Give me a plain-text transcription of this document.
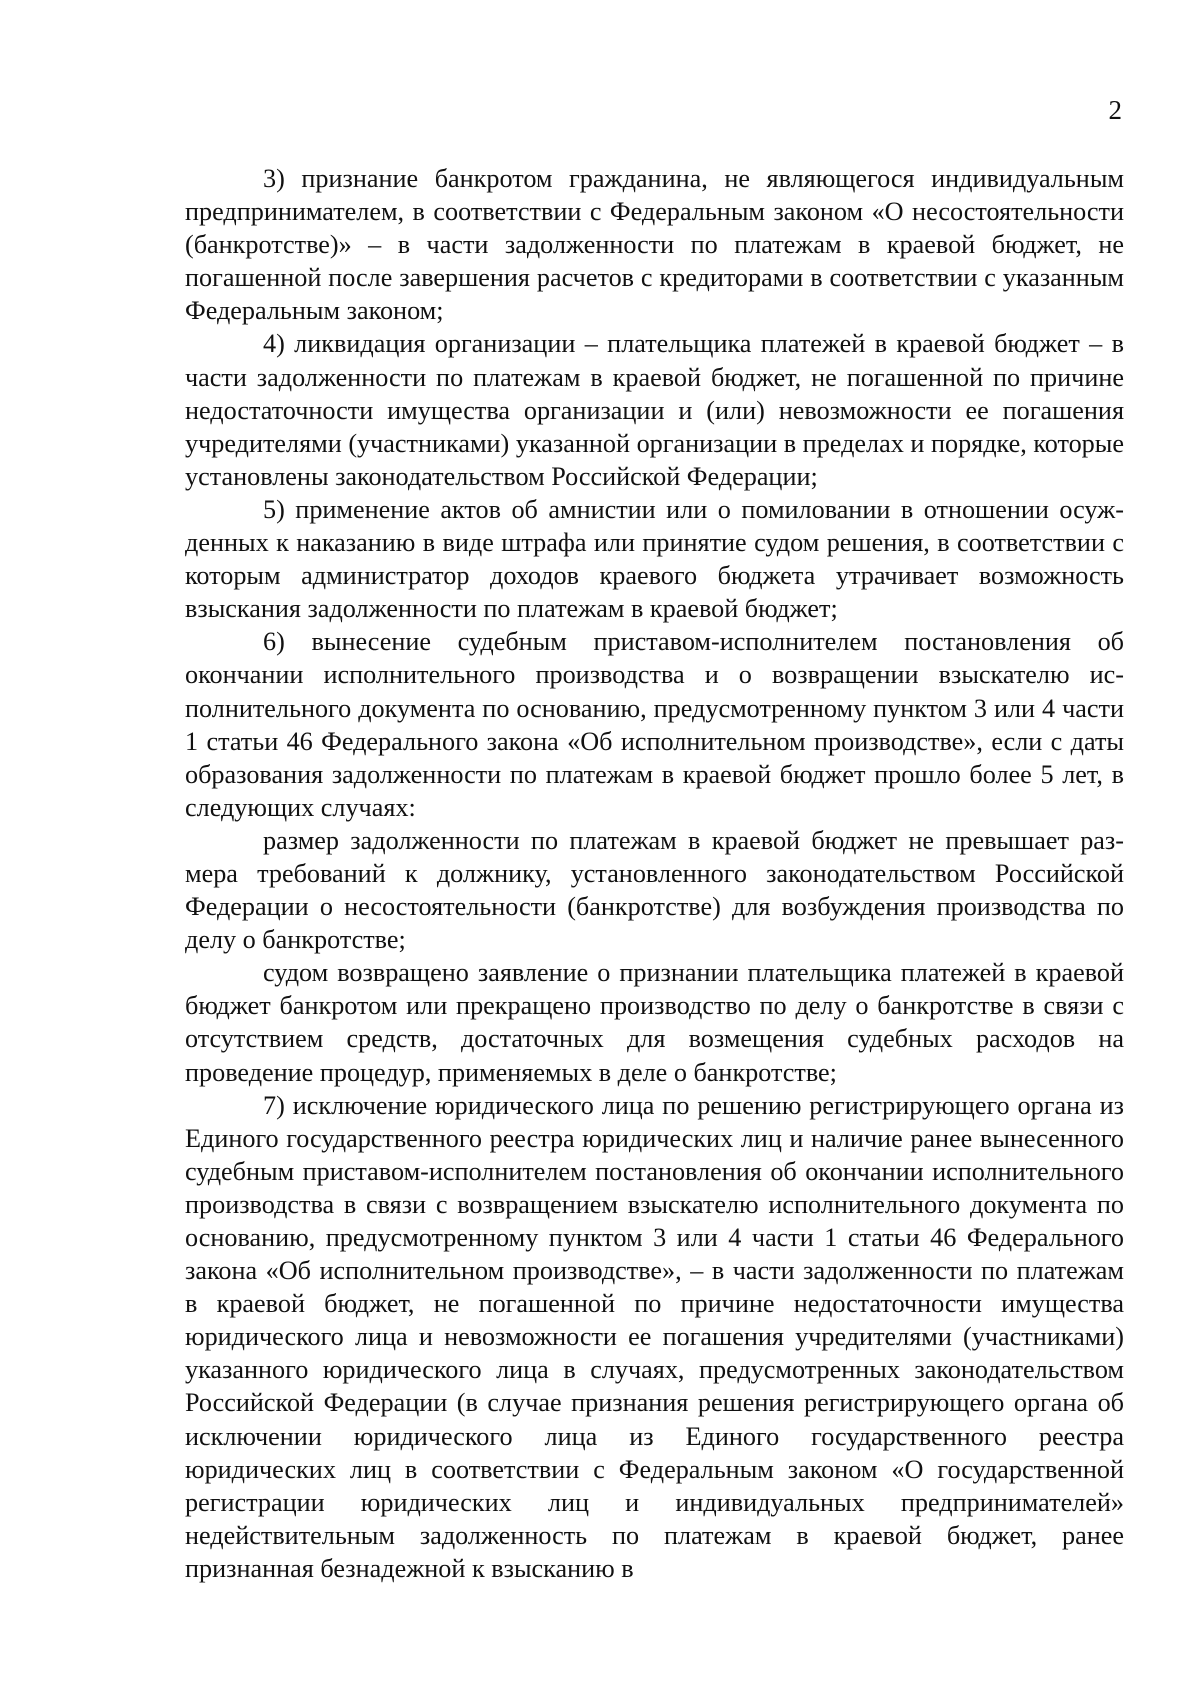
2

3) признание банкротом гражданина, не являющегося индивидуальным предпринимателем, в соответствии с Федеральным законом «О несостоятельности (банкротстве)» – в части задолженности по платежам в краевой бюджет, не погашенной после завершения расчетов с кредиторами в соответствии с указанным Федеральным законом;

4) ликвидация организации – плательщика платежей в краевой бюджет – в части задолженности по платежам в краевой бюджет, не погашенной по причине недостаточности имущества организации и (или) невозможности ее погашения учредителями (участниками) указанной организации в пределах и порядке, которые установлены законодательством Российской Федерации;

5) применение актов об амнистии или о помиловании в отношении осужденных к наказанию в виде штрафа или принятие судом решения, в соответствии с которым администратор доходов краевого бюджета утрачивает возможность взыскания задолженности по платежам в краевой бюджет;

6) вынесение судебным приставом-исполнителем постановления об окончании исполнительного производства и о возвращении взыскателю исполнительного документа по основанию, предусмотренному пунктом 3 или 4 части 1 статьи 46 Федерального закона «Об исполнительном производстве», если с даты образования задолженности по платежам в краевой бюджет прошло более 5 лет, в следующих случаях:

размер задолженности по платежам в краевой бюджет не превышает размера требований к должнику, установленного законодательством Российской Федерации о несостоятельности (банкротстве) для возбуждения производства по делу о банкротстве;

судом возвращено заявление о признании плательщика платежей в краевой бюджет банкротом или прекращено производство по делу о банкротстве в связи с отсутствием средств, достаточных для возмещения судебных расходов на проведение процедур, применяемых в деле о банкротстве;

7) исключение юридического лица по решению регистрирующего органа из Единого государственного реестра юридических лиц и наличие ранее вынесенного судебным приставом-исполнителем постановления об окончании исполнительного производства в связи с возвращением взыскателю исполнительного документа по основанию, предусмотренному пунктом 3 или 4 части 1 статьи 46 Федерального закона «Об исполнительном производстве», – в части задолженности по платежам в краевой бюджет, не погашенной по причине недостаточности имущества юридического лица и невозможности ее погашения учредителями (участниками) указанного юридического лица в случаях, предусмотренных законодательством Российской Федерации (в случае признания решения регистрирующего органа об исключении юридического лица из Единого государственного реестра юридических лиц в соответствии с Федеральным законом «О государственной регистрации юридических лиц и индивидуальных предпринимателей» недействительным задолженность по платежам в краевой бюджет, ранее признанная безнадежной к взысканию в
